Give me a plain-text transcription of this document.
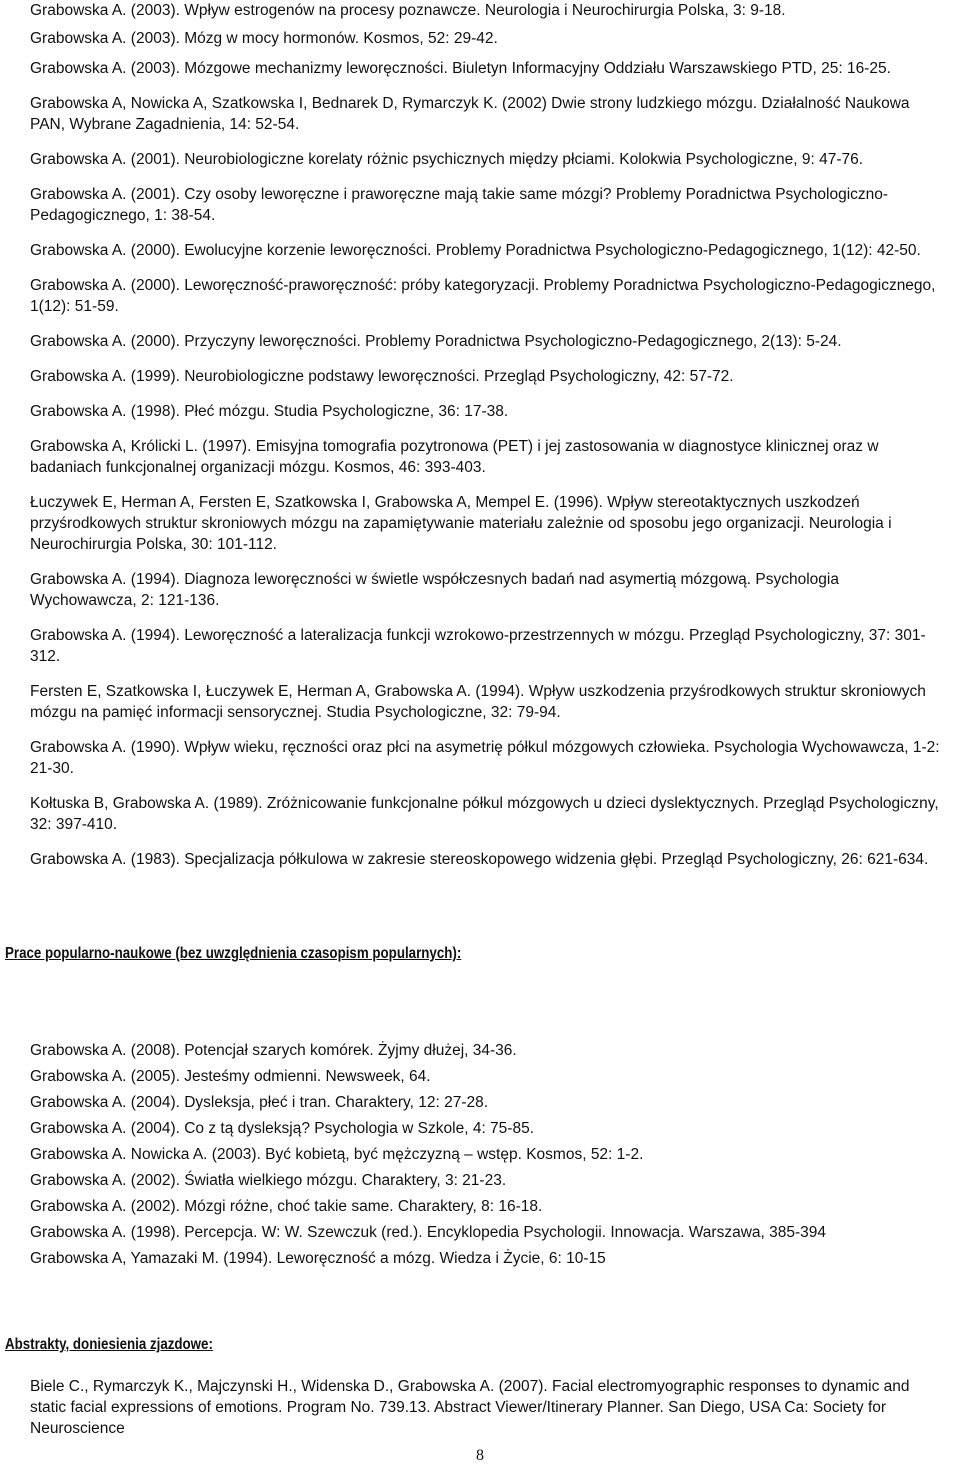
Grabowska A. (2003). Wpływ estrogenów na procesy poznawcze. Neurologia i Neurochirurgia Polska, 3: 9-18.
Grabowska A. (2003). Mózg w mocy hormonów. Kosmos, 52: 29-42.
Grabowska A. (2003). Mózgowe mechanizmy leworęczności. Biuletyn Informacyjny Oddziału Warszawskiego PTD, 25: 16-25.
Grabowska A, Nowicka A, Szatkowska I, Bednarek D, Rymarczyk K. (2002) Dwie strony ludzkiego mózgu. Działalność Naukowa PAN, Wybrane Zagadnienia, 14: 52-54.
Grabowska A. (2001). Neurobiologiczne korelaty różnic psychicznych między płciami. Kolokwia Psychologiczne, 9: 47-76.
Grabowska A. (2001). Czy osoby leworęczne i praworęczne mają takie same mózgi? Problemy Poradnictwa Psychologiczno-Pedagogicznego, 1: 38-54.
Grabowska A. (2000). Ewolucyjne korzenie leworęczności. Problemy Poradnictwa Psychologiczno-Pedagogicznego, 1(12): 42-50.
Grabowska A. (2000). Leworęczność-praworęczność: próby kategoryzacji. Problemy Poradnictwa Psychologiczno-Pedagogicznego, 1(12): 51-59.
Grabowska A. (2000). Przyczyny leworęczności. Problemy Poradnictwa Psychologiczno-Pedagogicznego, 2(13): 5-24.
Grabowska A. (1999). Neurobiologiczne podstawy leworęczności. Przegląd Psychologiczny, 42: 57-72.
Grabowska A. (1998). Płeć mózgu. Studia Psychologiczne, 36: 17-38.
Grabowska A, Królicki L. (1997). Emisyjna tomografia pozytronowa (PET) i jej zastosowania w diagnostyce klinicznej oraz w badaniach funkcjonalnej organizacji mózgu. Kosmos, 46: 393-403.
Łuczywek E, Herman A, Fersten E, Szatkowska I, Grabowska A, Mempel E. (1996). Wpływ stereotaktycznych uszkodzeń przyśrodkowych struktur skroniowych mózgu na zapamiętywanie materiału zależnie od sposobu jego organizacji. Neurologia i Neurochirurgia Polska, 30: 101-112.
Grabowska A. (1994). Diagnoza leworęczności w świetle współczesnych badań nad asymertią mózgową. Psychologia Wychowawcza, 2: 121-136.
Grabowska A. (1994). Leworęczność a lateralizacja funkcji wzrokowo-przestrzennych w mózgu. Przegląd Psychologiczny, 37: 301-312.
Fersten E, Szatkowska I, Łuczywek E, Herman A, Grabowska A. (1994). Wpływ uszkodzenia przyśrodkowych struktur skroniowych mózgu na pamięć informacji sensorycznej. Studia Psychologiczne, 32: 79-94.
Grabowska A. (1990). Wpływ wieku, ręczności oraz płci na asymetrię półkul mózgowych człowieka. Psychologia Wychowawcza, 1-2: 21-30.
Kołtuska B, Grabowska A. (1989). Zróżnicowanie funkcjonalne półkul mózgowych u dzieci dyslektycznych. Przegląd Psychologiczny, 32: 397-410.
Grabowska A. (1983). Specjalizacja półkulowa w zakresie stereoskopowego widzenia głębi. Przegląd Psychologiczny, 26: 621-634.
Prace popularno-naukowe (bez uwzględnienia czasopism popularnych):
Grabowska A. (2008). Potencjał szarych komórek. Żyjmy dłużej, 34-36.
Grabowska A. (2005). Jesteśmy odmienni. Newsweek, 64.
Grabowska A. (2004). Dysleksja, płeć i tran. Charaktery, 12: 27-28.
Grabowska A. (2004). Co z tą dysleksją? Psychologia w Szkole, 4: 75-85.
Grabowska A. Nowicka A. (2003). Być kobietą, być mężczyzną – wstęp. Kosmos, 52: 1-2.
Grabowska A. (2002). Światła wielkiego mózgu. Charaktery, 3: 21-23.
Grabowska A. (2002). Mózgi różne, choć takie same. Charaktery, 8: 16-18.
Grabowska A. (1998). Percepcja. W: W. Szewczuk (red.). Encyklopedia Psychologii. Innowacja. Warszawa, 385-394
Grabowska A, Yamazaki M. (1994). Leworęczność a mózg. Wiedza i Życie, 6: 10-15
Abstrakty, doniesienia zjazdowe:
Biele C., Rymarczyk K., Majczynski H., Widenska D., Grabowska A. (2007). Facial electromyographic responses to dynamic and static facial expressions of emotions. Program No. 739.13. Abstract Viewer/Itinerary Planner. San Diego, USA Ca: Society for Neuroscience
8
